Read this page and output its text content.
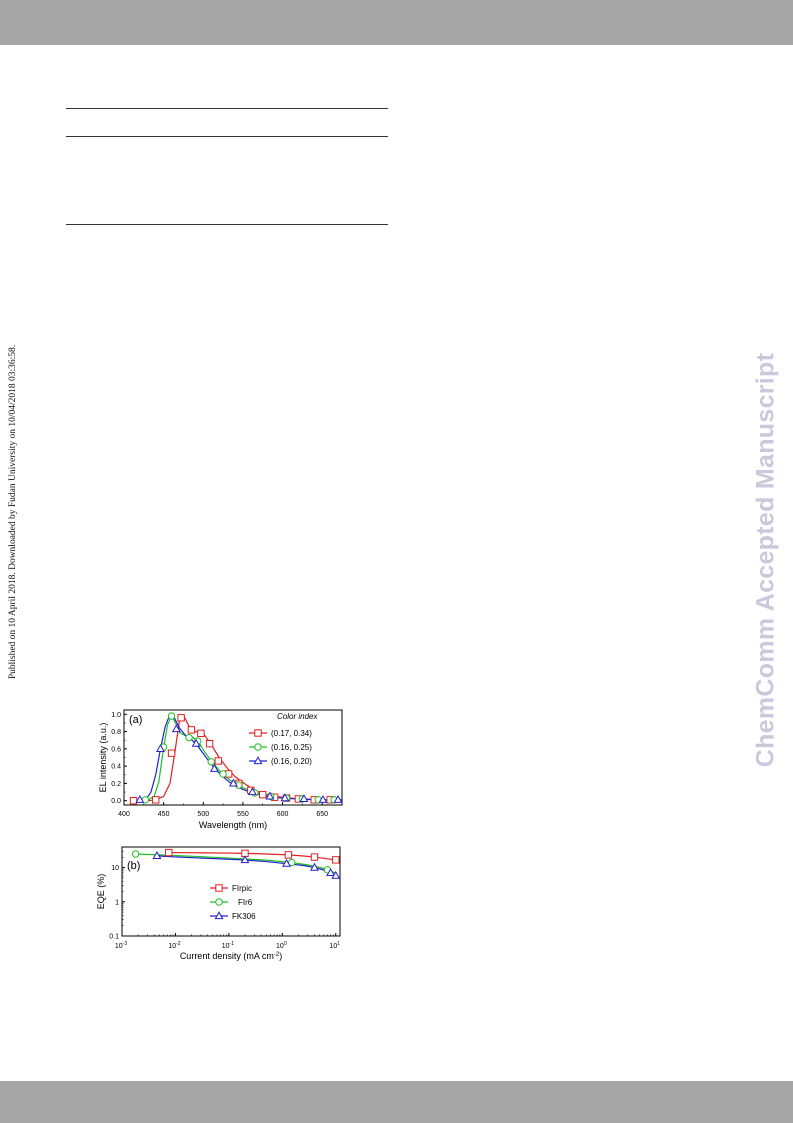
Published on 10 April 2018. Downloaded by Fudan University on 10/04/2018 03:36:58.	ChemComm Accepted Manuscript
400	450	500	550	600	650
0.0
0.2
0.4
0.6
0.8
1.0
Wavelength (nm)
EL intensity (a.u.)
(a)	Color index
(0.17, 0.34)
(0.16, 0.25)
(0.16, 0.20)
$10^{-3}$	$10^{-2}$	$10^{-1}$	$10^0$	$10^1$
0.1
1
10
Current density (mA $cm^{-2}$)
EQE (%)
(b)
FIrpic
FIr6
FK306
